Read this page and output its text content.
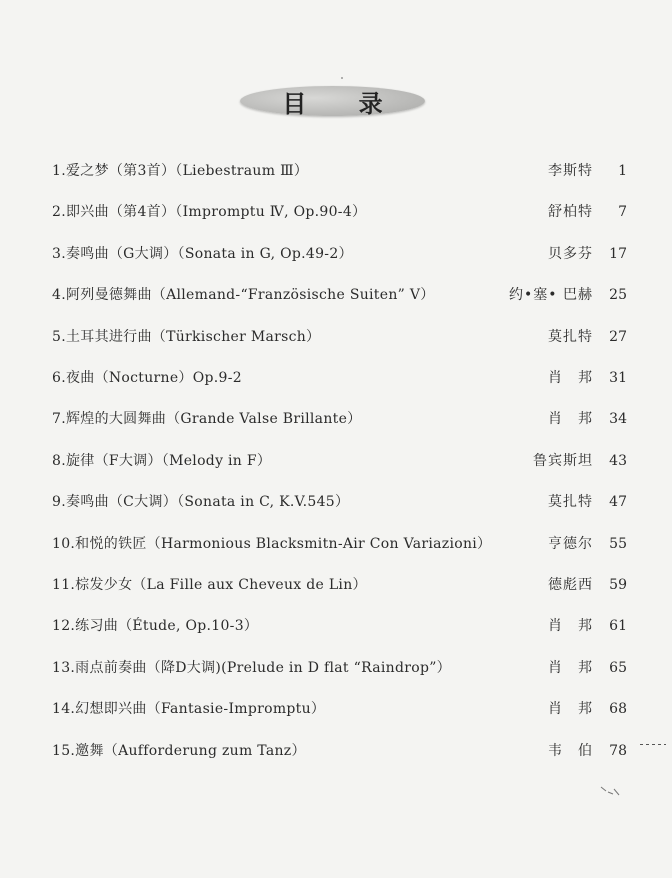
目 录
1.爱之梦（第3首）（Liebestraum Ⅲ）	李斯特	1
2.即兴曲（第4首）（Impromptu Ⅳ, Op.90-4）	舒柏特	7
3.奏鸣曲（G大调）（Sonata in G, Op.49-2）	贝多芬	17
4.阿列曼德舞曲（Allemand-“Französische Suiten” V）	约•塞• 巴赫	25
5.土耳其进行曲（Türkischer Marsch）	莫扎特	27
6.夜曲（Nocturne）Op.9-2	肖　邦	31
7.辉煌的大圆舞曲（Grande Valse Brillante）	肖　邦	34
8.旋律（F大调）（Melody in F）	鲁宾斯坦	43
9.奏鸣曲（C大调）（Sonata in C, K.V.545）	莫扎特	47
10.和悦的铁匠（Harmonious Blacksmitn-Air Con Variazioni）	亨德尔	55
11.棕发少女（La Fille aux Cheveux de Lin）	德彪西	59
12.练习曲（Étude, Op.10-3）	肖　邦	61
13.雨点前奏曲（降D大调)(Prelude in D flat “Raindrop”）	肖　邦	65
14.幻想即兴曲（Fantasie-Impromptu）	肖　邦	68
15.邀舞（Aufforderung zum Tanz）	韦　伯	78
